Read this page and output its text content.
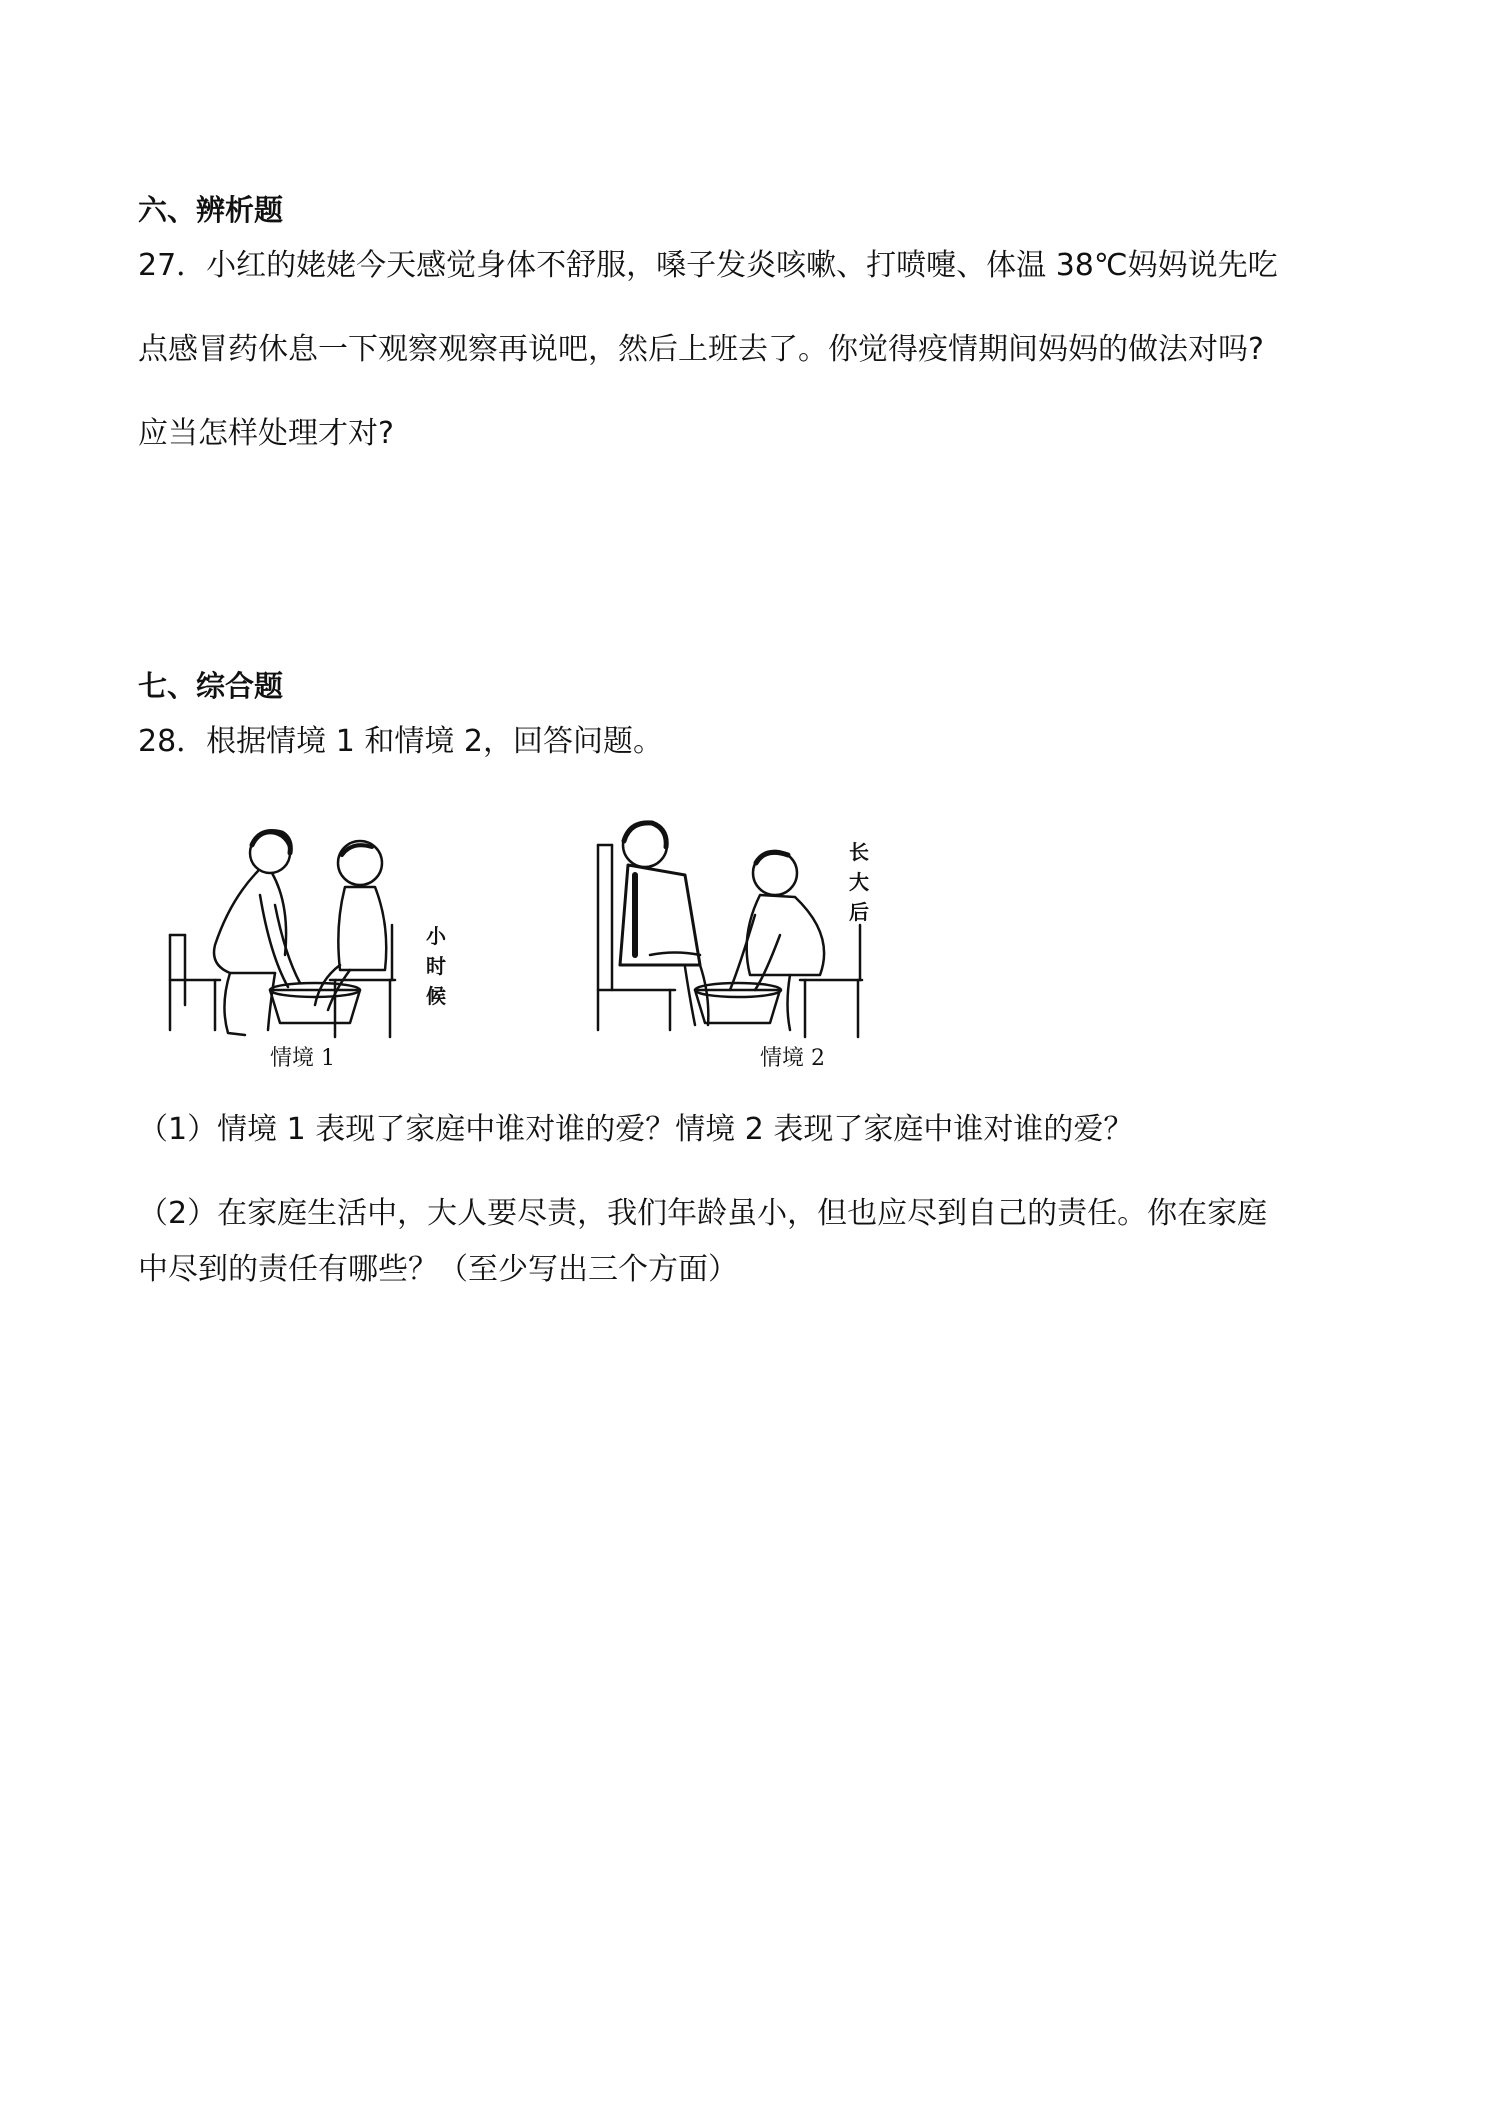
六、辨析题

27．小红的姥姥今天感觉身体不舒服，嗓子发炎咳嗽、打喷嚏、体温 38℃妈妈说先吃

点感冒药休息一下观察观察再说吧，然后上班去了。你觉得疫情期间妈妈的做法对吗?

应当怎样处理才对?

七、综合题

28．根据情境 1 和情境 2，回答问题。

情境 1
小时候
情境 2
长大后

（1）情境 1 表现了家庭中谁对谁的爱？情境 2 表现了家庭中谁对谁的爱？

（2）在家庭生活中，大人要尽责，我们年龄虽小，但也应尽到自己的责任。你在家庭

中尽到的责任有哪些？（至少写出三个方面）
